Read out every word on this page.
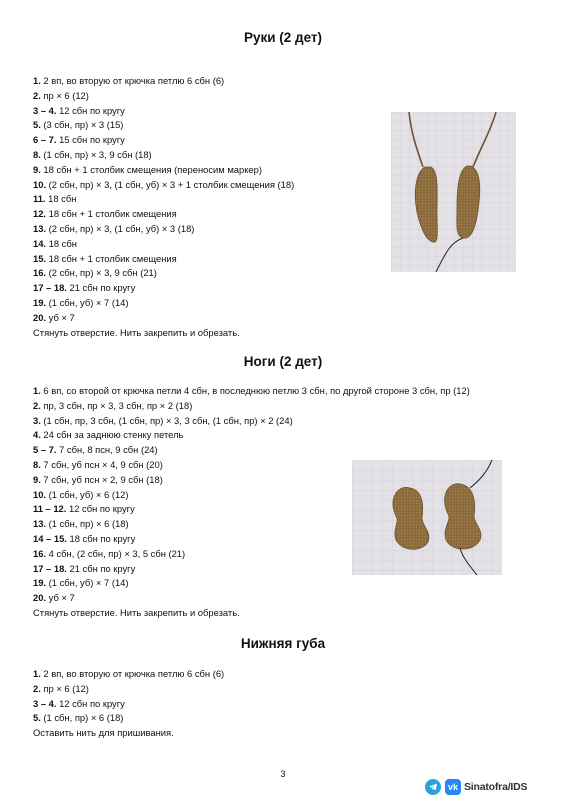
Руки (2 дет)
1. 2 вп, во вторую от крючка петлю 6 сбн (6)
2. пр × 6 (12)
3 – 4. 12 сбн по кругу
5. (3 сбн, пр) × 3 (15)
6 – 7. 15 сбн по кругу
8. (1 сбн, пр) × 3, 9 сбн (18)
9. 18 сбн + 1 столбик смещения (переносим маркер)
10. (2 сбн, пр) × 3, (1 сбн, уб) × 3 + 1 столбик смещения (18)
11. 18 сбн
12. 18 сбн + 1 столбик смещения
13. (2 сбн, пр) × 3, (1 сбн, уб) × 3 (18)
14. 18 сбн
15. 18 сбн + 1 столбик смещения
16. (2 сбн, пр) × 3, 9 сбн (21)
17 – 18. 21 сбн по кругу
19. (1 сбн, уб) × 7 (14)
20. уб × 7
Стянуть отверстие. Нить закрепить и обрезать.
Ноги (2 дет)
1. 6 вп, со второй от крючка петли 4 сбн, в последнюю петлю 3 сбн, по другой стороне 3 сбн, пр (12)
2. пр, 3 сбн, пр × 3, 3 сбн, пр × 2 (18)
3. (1 сбн, пр, 3 сбн, (1 сбн, пр) × 3, 3 сбн, (1 сбн, пр) × 2 (24)
4. 24 сбн за заднюю стенку петель
5 – 7. 7 сбн, 8 псн, 9 сбн (24)
8. 7 сбн, уб псн × 4, 9 сбн (20)
9. 7 сбн, уб псн × 2, 9 сбн (18)
10. (1 сбн, уб) × 6 (12)
11 – 12. 12 сбн по кругу
13. (1 сбн, пр) × 6 (18)
14 – 15. 18 сбн по кругу
16. 4 сбн, (2 сбн, пр) × 3, 5 сбн (21)
17 – 18. 21 сбн по кругу
19. (1 сбн, уб) × 7 (14)
20. уб × 7
Стянуть отверстие. Нить закрепить и обрезать.
Нижняя губа
1. 2 вп, во вторую от крючка петлю 6 сбн (6)
2. пр × 6 (12)
3 – 4. 12 сбн по кругу
5. (1 сбн, пр) × 6 (18)
Оставить нить для пришивания.
3
vk Sinatofra/IDS
